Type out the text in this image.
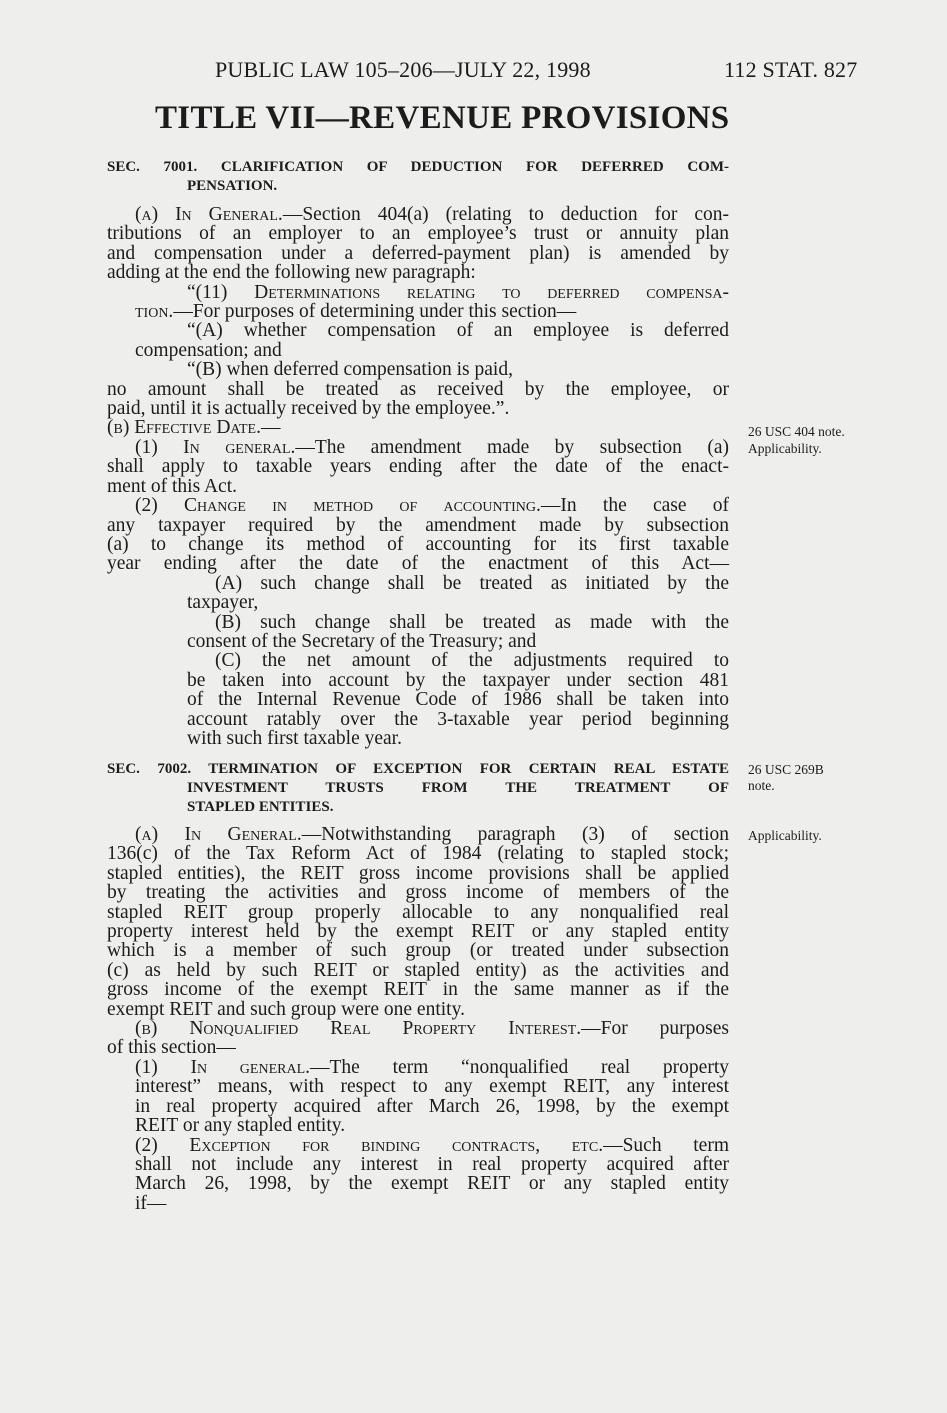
PUBLIC LAW 105–206—JULY 22, 1998	112 STAT. 827
TITLE VII—REVENUE PROVISIONS
SEC. 7001. CLARIFICATION OF DEDUCTION FOR DEFERRED COM-
PENSATION.
(a) In General.—Section 404(a) (relating to deduction for con-
tributions of an employer to an employee’s trust or annuity plan
and compensation under a deferred-payment plan) is amended by
adding at the end the following new paragraph:
“(11) Determinations relating to deferred compensa-
tion.—For purposes of determining under this section—
“(A) whether compensation of an employee is deferred
compensation; and
“(B) when deferred compensation is paid,
no amount shall be treated as received by the employee, or
paid, until it is actually received by the employee.”.
(b) Effective Date.—
(1) In general.—The amendment made by subsection (a)
shall apply to taxable years ending after the date of the enact-
ment of this Act.
(2) Change in method of accounting.—In the case of
any taxpayer required by the amendment made by subsection
(a) to change its method of accounting for its first taxable
year ending after the date of the enactment of this Act—
(A) such change shall be treated as initiated by the
taxpayer,
(B) such change shall be treated as made with the
consent of the Secretary of the Treasury; and
(C) the net amount of the adjustments required to
be taken into account by the taxpayer under section 481
of the Internal Revenue Code of 1986 shall be taken into
account ratably over the 3-taxable year period beginning
with such first taxable year.
SEC. 7002. TERMINATION OF EXCEPTION FOR CERTAIN REAL ESTATE
INVESTMENT TRUSTS FROM THE TREATMENT OF
STAPLED ENTITIES.
(a) In General.—Notwithstanding paragraph (3) of section
136(c) of the Tax Reform Act of 1984 (relating to stapled stock;
stapled entities), the REIT gross income provisions shall be applied
by treating the activities and gross income of members of the
stapled REIT group properly allocable to any nonqualified real
property interest held by the exempt REIT or any stapled entity
which is a member of such group (or treated under subsection
(c) as held by such REIT or stapled entity) as the activities and
gross income of the exempt REIT in the same manner as if the
exempt REIT and such group were one entity.
(b) Nonqualified Real Property Interest.—For purposes
of this section—
(1) In general.—The term “nonqualified real property
interest” means, with respect to any exempt REIT, any interest
in real property acquired after March 26, 1998, by the exempt
REIT or any stapled entity.
(2) Exception for binding contracts, etc.—Such term
shall not include any interest in real property acquired after
March 26, 1998, by the exempt REIT or any stapled entity
if—
26 USC 404 note.
Applicability.
26 USC 269B
note.
Applicability.
